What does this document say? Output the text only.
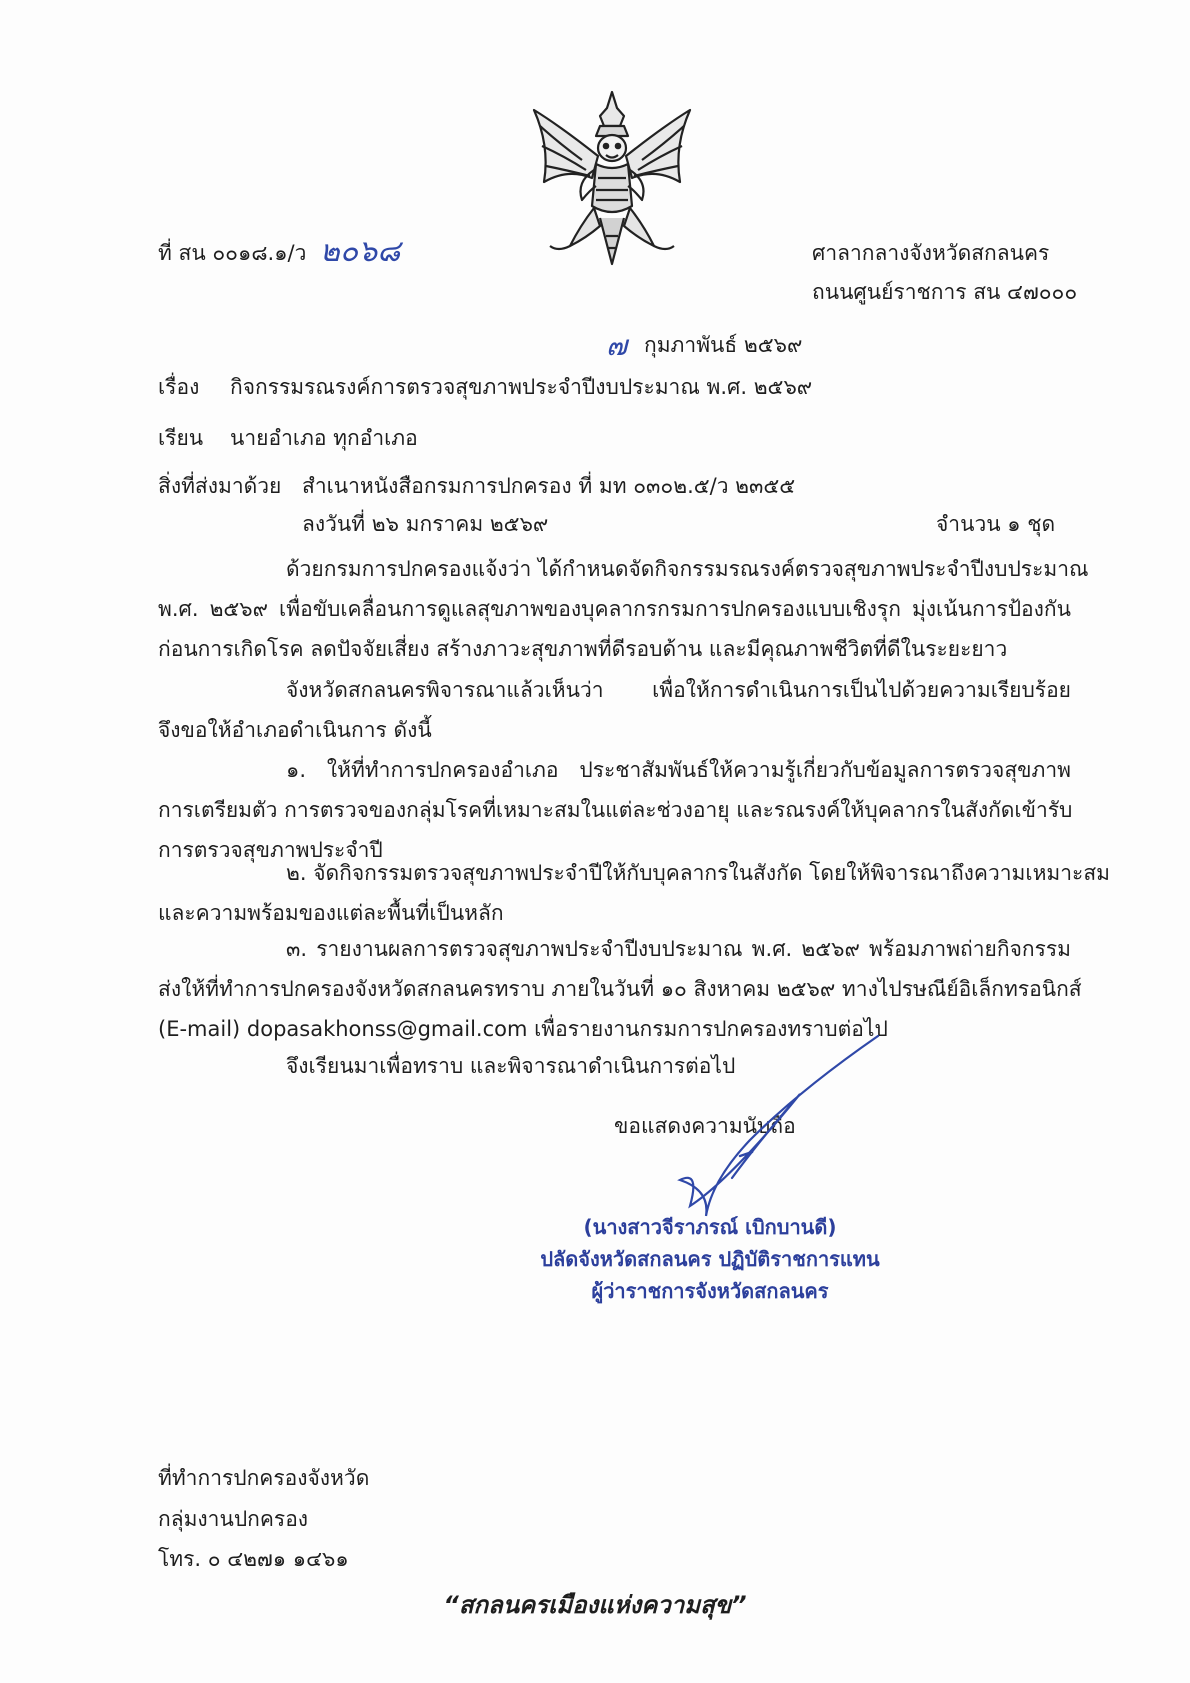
ที่ สน ๐๐๑๘.๑/ว ๒๐๖๘	ศาลากลางจังหวัดสกลนคร
ถนนศูนย์ราชการ สน ๔๗๐๐๐
๗ กุมภาพันธ์ ๒๕๖๙
เรื่อง กิจกรรมรณรงค์การตรวจสุขภาพประจำปีงบประมาณ พ.ศ. ๒๕๖๙
เรียน นายอำเภอ ทุกอำเภอ
สิ่งที่ส่งมาด้วย สำเนาหนังสือกรมการปกครอง ที่ มท ๐๓๐๒.๕/ว ๒๓๕๕
ลงวันที่ ๒๖ มกราคม ๒๕๖๙	จำนวน ๑ ชุด
ด้วยกรมการปกครองแจ้งว่า ได้กำหนดจัดกิจกรรมรณรงค์ตรวจสุขภาพประจำปีงบประมาณ
พ.ศ. ๒๕๖๙ เพื่อขับเคลื่อนการดูแลสุขภาพของบุคลากรกรมการปกครองแบบเชิงรุก มุ่งเน้นการป้องกัน
ก่อนการเกิดโรค ลดปัจจัยเสี่ยง สร้างภาวะสุขภาพที่ดีรอบด้าน และมีคุณภาพชีวิตที่ดีในระยะยาว
จังหวัดสกลนครพิจารณาแล้วเห็นว่า เพื่อให้การดำเนินการเป็นไปด้วยความเรียบร้อย
จึงขอให้อำเภอดำเนินการ ดังนี้
๑. ให้ที่ทำการปกครองอำเภอ ประชาสัมพันธ์ให้ความรู้เกี่ยวกับข้อมูลการตรวจสุขภาพ
การเตรียมตัว การตรวจของกลุ่มโรคที่เหมาะสมในแต่ละช่วงอายุ และรณรงค์ให้บุคลากรในสังกัดเข้ารับ
การตรวจสุขภาพประจำปี
๒. จัดกิจกรรมตรวจสุขภาพประจำปีให้กับบุคลากรในสังกัด โดยให้พิจารณาถึงความเหมาะสม
และความพร้อมของแต่ละพื้นที่เป็นหลัก
๓. รายงานผลการตรวจสุขภาพประจำปีงบประมาณ พ.ศ. ๒๕๖๙ พร้อมภาพถ่ายกิจกรรม
ส่งให้ที่ทำการปกครองจังหวัดสกลนครทราบ ภายในวันที่ ๑๐ สิงหาคม ๒๕๖๙ ทางไปรษณีย์อิเล็กทรอนิกส์
(E-mail) dopasakhonss@gmail.com เพื่อรายงานกรมการปกครองทราบต่อไป
จึงเรียนมาเพื่อทราบ และพิจารณาดำเนินการต่อไป
ขอแสดงความนับถือ
(นางสาวจีราภรณ์ เบิกบานดี)
ปลัดจังหวัดสกลนคร ปฏิบัติราชการแทน
ผู้ว่าราชการจังหวัดสกลนคร
ที่ทำการปกครองจังหวัด
กลุ่มงานปกครอง
โทร. ๐ ๔๒๗๑ ๑๔๖๑
“สกลนครเมืองแห่งความสุข”
